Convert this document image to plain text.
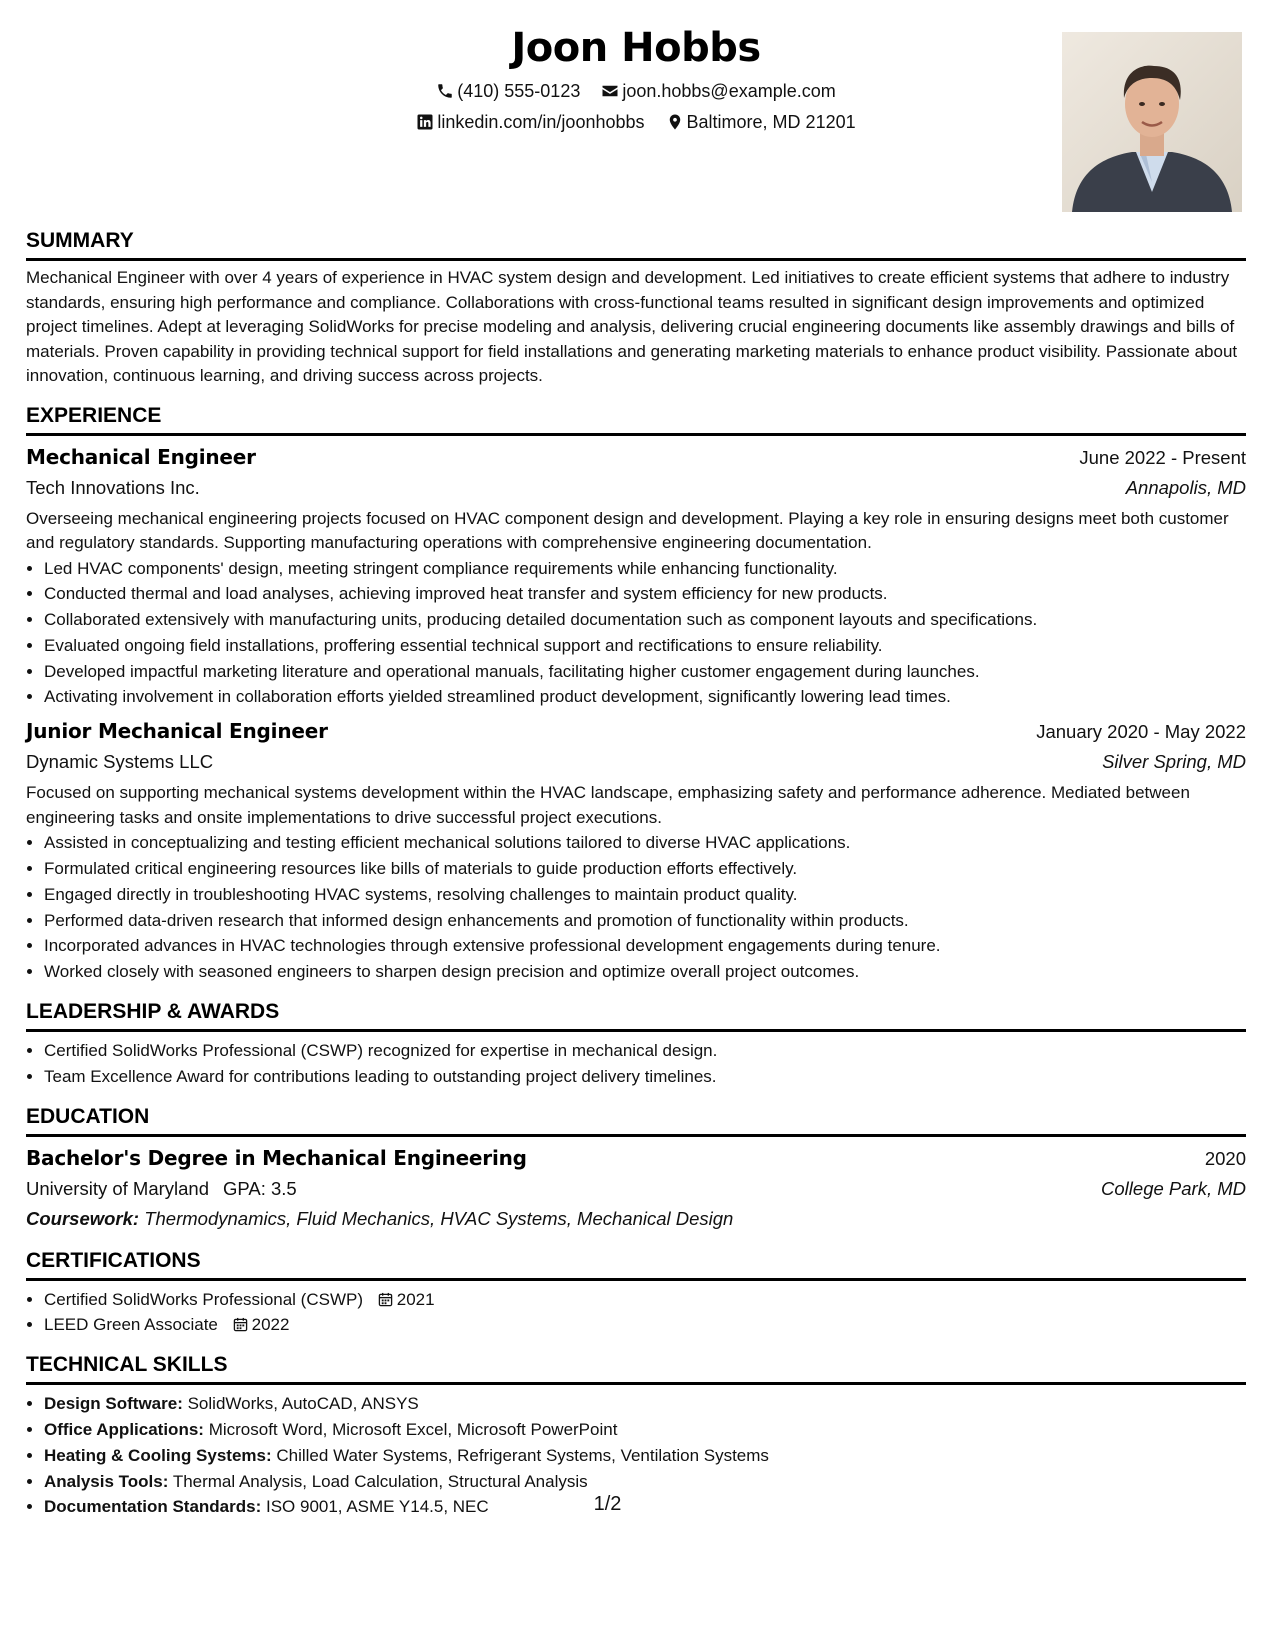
Joon Hobbs
(410) 555-0123
joon.hobbs@example.com
linkedin.com/in/joonhobbs
Baltimore, MD 21201
SUMMARY

Mechanical Engineer with over 4 years of experience in HVAC system design and development. Led initiatives to create efficient systems that adhere to industry standards, ensuring high performance and compliance. Collaborations with cross-functional teams resulted in significant design improvements and optimized project timelines. Adept at leveraging SolidWorks for precise modeling and analysis, delivering crucial engineering documents like assembly drawings and bills of materials. Proven capability in providing technical support for field installations and generating marketing materials to enhance product visibility. Passionate about innovation, continuous learning, and driving success across projects.

EXPERIENCE
Mechanical Engineer	June 2022 - Present
Tech Innovations Inc.	Annapolis, MD

Overseeing mechanical engineering projects focused on HVAC component design and development. Playing a key role in ensuring designs meet both customer and regulatory standards. Supporting manufacturing operations with comprehensive engineering documentation.

• Led HVAC components' design, meeting stringent compliance requirements while enhancing functionality.
• Conducted thermal and load analyses, achieving improved heat transfer and system efficiency for new products.
• Collaborated extensively with manufacturing units, producing detailed documentation such as component layouts and specifications.
• Evaluated ongoing field installations, proffering essential technical support and rectifications to ensure reliability.
• Developed impactful marketing literature and operational manuals, facilitating higher customer engagement during launches.
• Activating involvement in collaboration efforts yielded streamlined product development, significantly lowering lead times.
Junior Mechanical Engineer	January 2020 - May 2022
Dynamic Systems LLC	Silver Spring, MD

Focused on supporting mechanical systems development within the HVAC landscape, emphasizing safety and performance adherence. Mediated between engineering tasks and onsite implementations to drive successful project executions.

• Assisted in conceptualizing and testing efficient mechanical solutions tailored to diverse HVAC applications.
• Formulated critical engineering resources like bills of materials to guide production efforts effectively.
• Engaged directly in troubleshooting HVAC systems, resolving challenges to maintain product quality.
• Performed data-driven research that informed design enhancements and promotion of functionality within products.
• Incorporated advances in HVAC technologies through extensive professional development engagements during tenure.
• Worked closely with seasoned engineers to sharpen design precision and optimize overall project outcomes.
LEADERSHIP & AWARDS
• Certified SolidWorks Professional (CSWP) recognized for expertise in mechanical design.
• Team Excellence Award for contributions leading to outstanding project delivery timelines.
EDUCATION
Bachelor's Degree in Mechanical Engineering	2020
University of Maryland GPA: 3.5	College Park, MD
Coursework: Thermodynamics, Fluid Mechanics, HVAC Systems, Mechanical Design
CERTIFICATIONS
• Certified SolidWorks Professional (CSWP) 2021
• LEED Green Associate 2022
TECHNICAL SKILLS
• Design Software: SolidWorks, AutoCAD, ANSYS
• Office Applications: Microsoft Word, Microsoft Excel, Microsoft PowerPoint
• Heating & Cooling Systems: Chilled Water Systems, Refrigerant Systems, Ventilation Systems
• Analysis Tools: Thermal Analysis, Load Calculation, Structural Analysis
• Documentation Standards: ISO 9001, ASME Y14.5, NEC	1/2
